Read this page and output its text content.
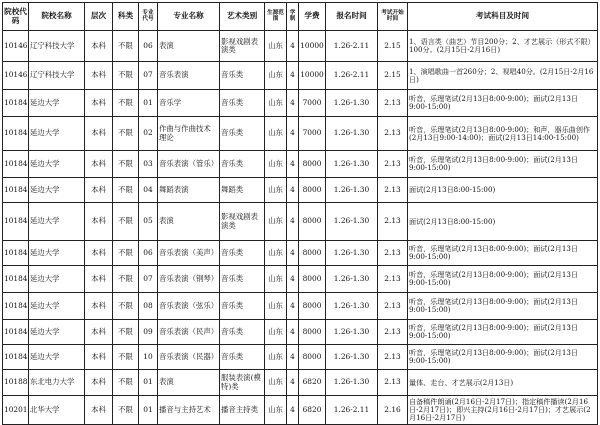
院校代码	院校名称	层次	科类	专业代号	专业名称	艺术类别	生源范围	学制	学费	报名时间	考试开始时间	考试科目及时间
10146	辽宁科技大学	本科	不限	06	表演	影视戏剧表演类	山东	4	10000	1.26-2.11	2.15	1、语言类（曲艺）节目200分；2、才艺展示（形式不限）100分。(2月15日-2月16日)
10146	辽宁科技大学	本科	不限	07	音乐表演	音乐类	山东	4	10000	1.26-2.11	2.15	1、演唱歌曲一首260分；2、视唱40分。(2月15日-2月16日)
10184	延边大学	本科	不限	01	音乐学	音乐类	山东	4	7000	1.26-1.30	2.13	听音，乐理笔试(2月13日8:00-9:00)；面试(2月13日9:00-15:00)
10184	延边大学	本科	不限	02	作曲与作曲技术理论	音乐类	山东	4	7000	1.26-1.30	2.13	听音，乐理笔试(2月13日8:00-9:00)；和声，器乐曲创作(2月13日9:00-14:00)；面试(2月13日14:00-15:00)
10184	延边大学	本科	不限	03	音乐表演（管乐）	音乐类	山东	4	8000	1.26-1.30	2.13	听音，乐理笔试(2月13日8:00-9:00)；面试(2月13日9:00-15:00)
10184	延边大学	本科	不限	04	舞蹈表演	舞蹈类	山东	4	8000	1.26-1.30	2.13	面试(2月13日8:00-15:00)
10184	延边大学	本科	不限	05	表演	影视戏剧表演类	山东	4	8000	1.26-1.30	2.13	面试(2月13日8:00-15:00)
10184	延边大学	本科	不限	06	音乐表演（美声）	音乐类	山东	4	8000	1.26-1.30	2.13	听音，乐理笔试(2月13日8:00-9:00)；面试(2月13日9:00-15:00)
10184	延边大学	本科	不限	07	音乐表演（钢琴）	音乐类	山东	4	8000	1.26-1.30	2.13	听音，乐理笔试(2月13日8:00-9:00)；面试(2月13日9:00-15:00)
10184	延边大学	本科	不限	08	音乐表演（弦乐）	音乐类	山东	4	8000	1.26-1.30	2.13	听音，乐理笔试(2月13日8:00-9:00)；面试(2月13日9:00-15:00)
10184	延边大学	本科	不限	09	音乐表演（民声）	音乐类	山东	4	8000	1.26-1.30	2.13	听音，乐理笔试(2月13日8:00-9:00)；面试(2月13日9:00-15:00)
10184	延边大学	本科	不限	10	音乐表演（民器）	音乐类	山东	4	8000	1.26-1.30	2.13	听音，乐理笔试(2月13日8:00-9:00)；面试(2月13日9:00-15:00)
10188	东北电力大学	本科	不限	01	表演	服装表演(模特)类	山东	4	6820	1.26-1.30	2.13	量体、走台、才艺展示(2月13日)
10201	北华大学	本科	不限	01	播音与主持艺术	播音主持类	山东	4	6820	1.26-2.11	2.16	自备稿件朗诵(2月16日-2月17日)；指定稿件播读(2月16日-2月17日)；即兴主持(2月16日-2月17日)；才艺展示(2月16日-2月17日)
